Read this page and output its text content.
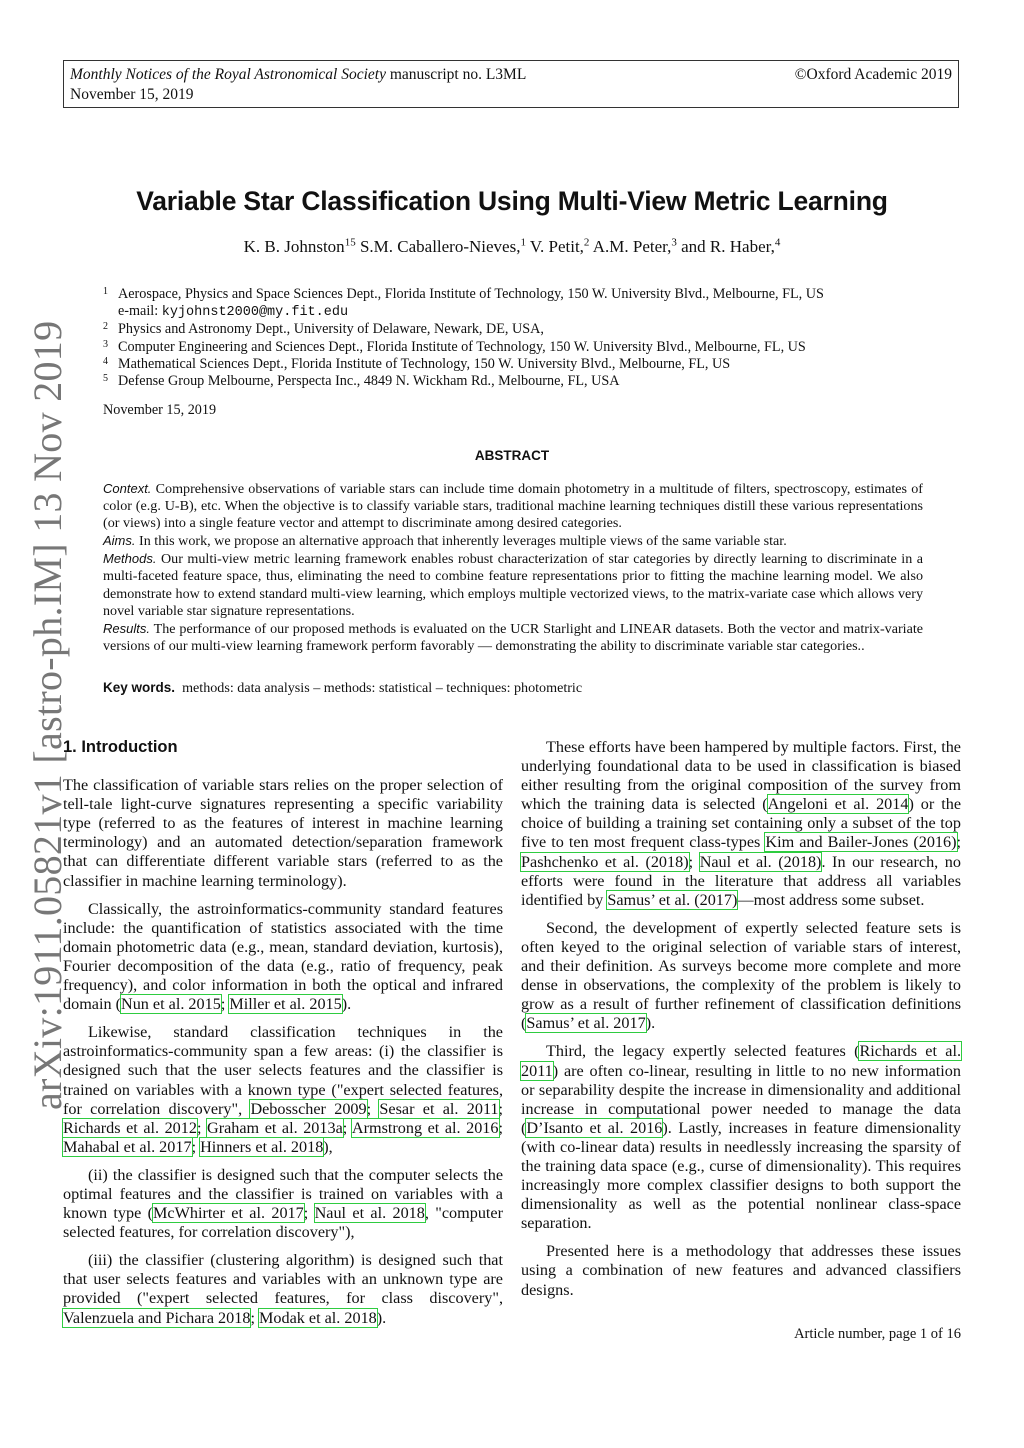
Monthly Notices of the Royal Astronomical Society manuscript no. L3ML
November 15, 2019
©Oxford Academic 2019
arXiv:1911.05821v1 [astro-ph.IM] 13 Nov 2019
Variable Star Classification Using Multi-View Metric Learning
K. B. Johnston$^{15}$ S.M. Caballero-Nieves,$^1$ V. Petit,$^2$ A.M. Peter,$^3$ and R. Haber,$^4$
1 Aerospace, Physics and Space Sciences Dept., Florida Institute of Technology, 150 W. University Blvd., Melbourne, FL, US
e-mail: kyjohnst2000@my.fit.edu
2 Physics and Astronomy Dept., University of Delaware, Newark, DE, USA,
3 Computer Engineering and Sciences Dept., Florida Institute of Technology, 150 W. University Blvd., Melbourne, FL, US
4 Mathematical Sciences Dept., Florida Institute of Technology, 150 W. University Blvd., Melbourne, FL, US
5 Defense Group Melbourne, Perspecta Inc., 4849 N. Wickham Rd., Melbourne, FL, USA
November 15, 2019
ABSTRACT

Context. Comprehensive observations of variable stars can include time domain photometry in a multitude of filters, spectroscopy, estimates of color (e.g. U-B), etc. When the objective is to classify variable stars, traditional machine learning techniques distill these various representations (or views) into a single feature vector and attempt to discriminate among desired categories.

Aims. In this work, we propose an alternative approach that inherently leverages multiple views of the same variable star.

Methods. Our multi-view metric learning framework enables robust characterization of star categories by directly learning to discriminate in a multi-faceted feature space, thus, eliminating the need to combine feature representations prior to fitting the machine learning model. We also demonstrate how to extend standard multi-view learning, which employs multiple vectorized views, to the matrix-variate case which allows very novel variable star signature representations.

Results. The performance of our proposed methods is evaluated on the UCR Starlight and LINEAR datasets. Both the vector and matrix-variate versions of our multi-view learning framework perform favorably — demonstrating the ability to discriminate variable star categories..

Key words. methods: data analysis – methods: statistical – techniques: photometric
1. Introduction

The classification of variable stars relies on the proper selection of tell-tale light-curve signatures representing a specific variability type (referred to as the features of interest in machine learning terminology) and an automated detection/separation framework that can differentiate different variable stars (referred to as the classifier in machine learning terminology).

Classically, the astroinformatics-community standard features include: the quantification of statistics associated with the time domain photometric data (e.g., mean, standard deviation, kurtosis), Fourier decomposition of the data (e.g., ratio of frequency, peak frequency), and color information in both the optical and infrared domain (Nun et al. 2015; Miller et al. 2015).

Likewise, standard classification techniques in the astroinformatics-community span a few areas: (i) the classifier is designed such that the user selects features and the classifier is trained on variables with a known type ("expert selected features, for correlation discovery", Debosscher 2009; Sesar et al. 2011; Richards et al. 2012; Graham et al. 2013a; Armstrong et al. 2016; Mahabal et al. 2017; Hinners et al. 2018),

(ii) the classifier is designed such that the computer selects the optimal features and the classifier is trained on variables with a known type (McWhirter et al. 2017; Naul et al. 2018, "computer selected features, for correlation discovery"),

(iii) the classifier (clustering algorithm) is designed such that that user selects features and variables with an unknown type are provided ("expert selected features, for class discovery", Valenzuela and Pichara 2018; Modak et al. 2018).

These efforts have been hampered by multiple factors. First, the underlying foundational data to be used in classification is biased either resulting from the original composition of the survey from which the training data is selected (Angeloni et al. 2014) or the choice of building a training set containing only a subset of the top five to ten most frequent class-types Kim and Bailer-Jones (2016); Pashchenko et al. (2018); Naul et al. (2018). In our research, no efforts were found in the literature that address all variables identified by Samus’ et al. (2017)—most address some subset.

Second, the development of expertly selected feature sets is often keyed to the original selection of variable stars of interest, and their definition. As surveys become more complete and more dense in observations, the complexity of the problem is likely to grow as a result of further refinement of classification definitions (Samus’ et al. 2017).

Third, the legacy expertly selected features (Richards et al. 2011) are often co-linear, resulting in little to no new information or separability despite the increase in dimensionality and additional increase in computational power needed to manage the data (D’Isanto et al. 2016). Lastly, increases in feature dimensionality (with co-linear data) results in needlessly increasing the sparsity of the training data space (e.g., curse of dimensionality). This requires increasingly more complex classifier designs to both support the dimensionality as well as the potential nonlinear class-space separation.

Presented here is a methodology that addresses these issues using a combination of new features and advanced classifiers designs.

Article number, page 1 of 16
